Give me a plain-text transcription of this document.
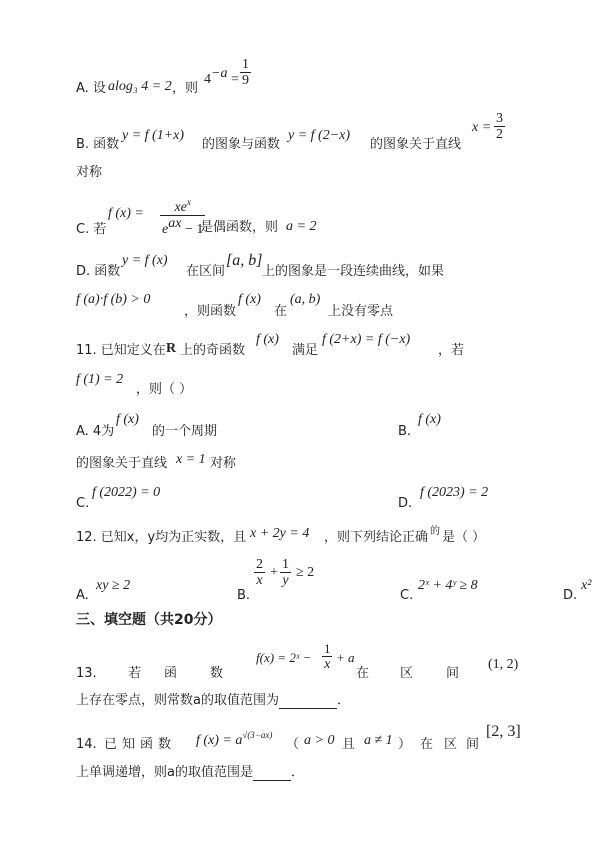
A. 设 alog₃ 4 = 2 ，则
$4^{-a} = \frac{1}{9}$
B. 函数
y = f (1+x)
的图象与函数
y = f (2−x)
的图象关于直线
$x = \frac{3}{2}$
对称
C. 若
f $(x) = xe^x$
$e^{ax} - 1$
是偶函数，则 a = 2
D. 函数
y = f (x)
在区间
[a, b]
上的图象是一段连续曲线，如果
f (a)·f (b) > 0
，则函数
f (x)
在
(a, b)
上没有零点
11. 已知定义在 R 上的奇函数
f (x)
满足
f (2+x) = f (−x)
，若
f (1) = 2
，则（ ）
A. 4为
f (x)
的一个周期	B.
f (x)
的图象关于直线 x = 1 对称
C.
f (2022) = 0
D.
f (2023) = 2
12. 已知x，y均为正实数，且 x + 2y = 4 ，则下列结论正确 的 是（ ）
A.
xy ≥ 2
B.
$\frac{2}{x} + \frac{1}{y} \ge 2$
C.
2ˣ + 4ʸ ≥ 8
D.
x²
三、填空题（共20分）
13. 若 函	数
f(x) = 2ˣ − $\frac{1}{x} + a$
在 区	间
(1, 2)
上存在零点，则常数a的取值范围为	．
14. 已 知 函 数 f $(x) = a^{√(3-ax)}$
（ a > 0 且 a ≠ 1 ） 在 区 间
[2, 3]
上单调递增，则a的取值范围是	．
